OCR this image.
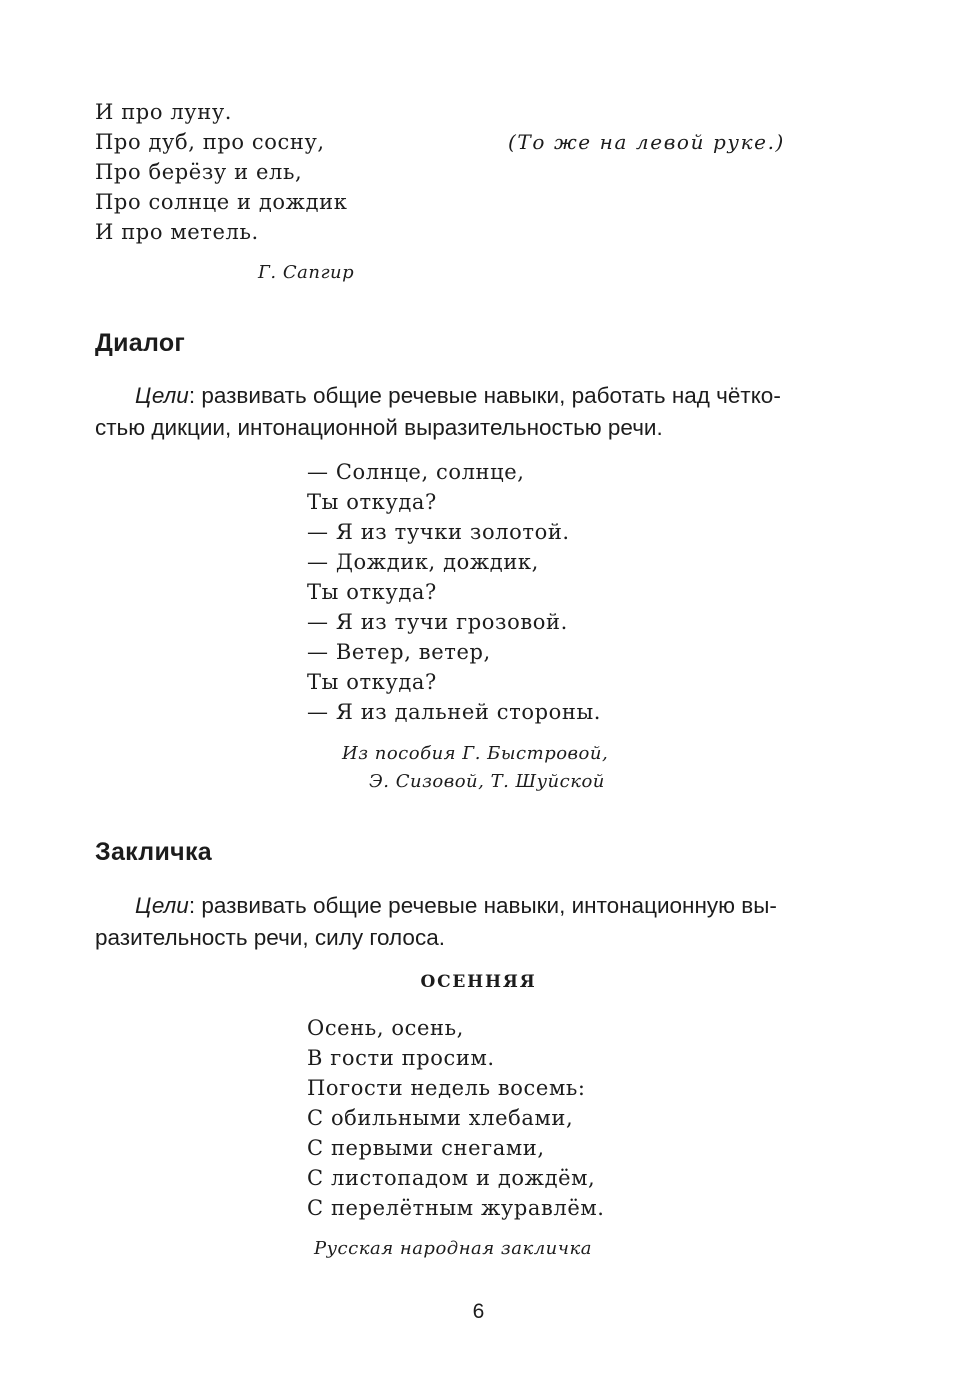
И про луну.
Про дуб, про сосну,
Про берёзу и ель,
Про солнце и дождик
И про метель.
(То же на левой руке.)
Г. Сапгир
Диалог
Цели: развивать общие речевые навыки, работать над чётко-
стью дикции, интонационной выразительностью речи.
— Солнце, солнце,
Ты откуда?
— Я из тучки золотой.
— Дождик, дождик,
Ты откуда?
— Я из тучи грозовой.
— Ветер, ветер,
Ты откуда?
— Я из дальней стороны.
Из пособия Г. Быстровой,
Э. Сизовой, Т. Шуйской
Закличка
Цели: развивать общие речевые навыки, интонационную вы-
разительность речи, силу голоса.
ОСЕННЯЯ
Осень, осень,
В гости просим.
Погости недель восемь:
С обильными хлебами,
С первыми снегами,
С листопадом и дождём,
С перелётным журавлём.
Русская народная закличка
6
